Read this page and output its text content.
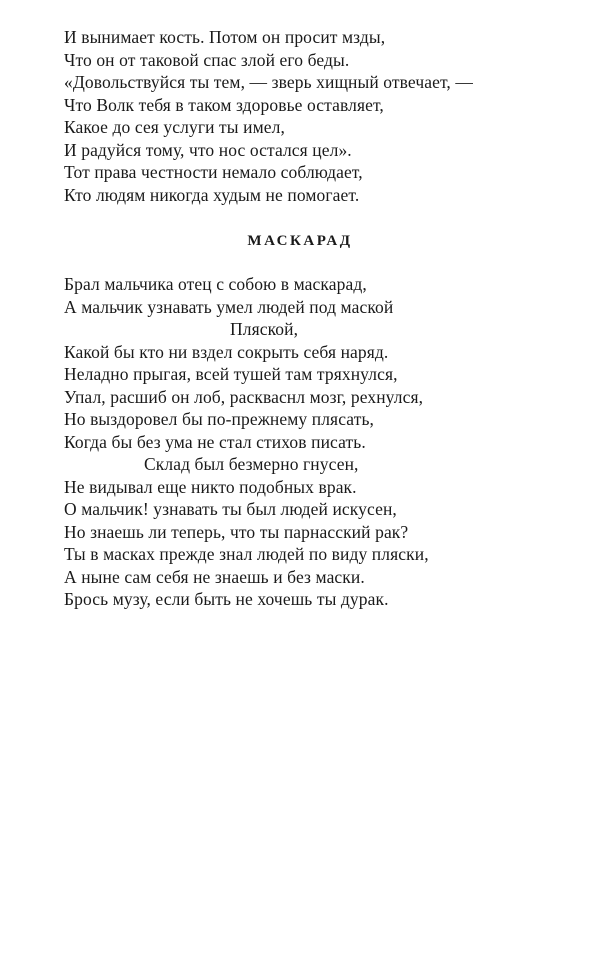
И вынимает кость. Потом он просит мзды,
Что он от таковой спас злой его беды.
«Довольствуйся ты тем, — зверь хищный отвечает, —
Что Волк тебя в таком здоровье оставляет,
Какое до сея услуги ты имел,
И радуйся тому, что нос остался цел».
Тот права честности немало соблюдает,
Кто людям никогда худым не помогает.
МАСКАРАД
Брал мальчика отец с собою в маскарад,
А мальчик узнавать умел людей под маской
Пляской,
Какой бы кто ни вздел сокрыть себя наряд.
Неладно прыгая, всей тушей там тряхнулся,
Упал, расшиб он лоб, раскваснл мозг, рехнулся,
Но выздоровел бы по-прежнему плясать,
Когда бы без ума не стал стихов писать.
Склад был безмерно гнусен,
Не видывал еще никто подобных врак.
О мальчик! узнавать ты был людей искусен,
Но знаешь ли теперь, что ты парнасский рак?
Ты в масках прежде знал людей по виду пляски,
А ныне сам себя не знаешь и без маски.
Брось музу, если быть не хочешь ты дурак.
